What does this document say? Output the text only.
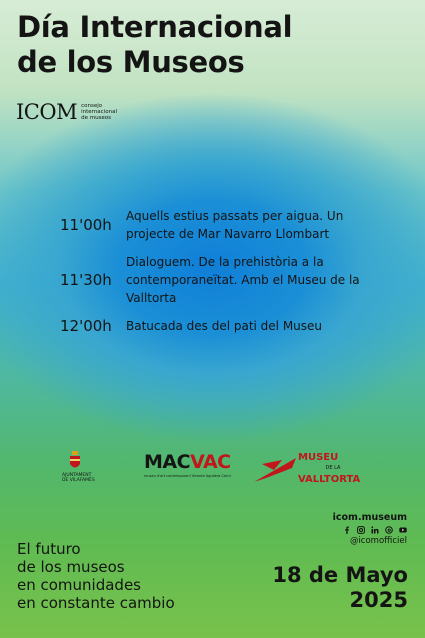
Día Internacional
de los Museos
ICOM consejo
internacional
de museos
11'00h	Aquells estius passats per aigua. Un projecte de Mar Navarro Llombart
11'30h
Dialoguem. De la prehistòria a la contemporaneïtat. Amb el Museu de la Valltorta
12'00h	Batucada des del pati del Museu
AJUNTAMENT
DE VILAFAMÉS
MACVAC
museu d'art contemporani Vicente Aguilera Cerni
MUSEU
DE LA
VALLTORTA
El futuro
de los museos
en comunidades
en constante cambio
icom.museum
@icomofficiel
18 de Mayo
2025
